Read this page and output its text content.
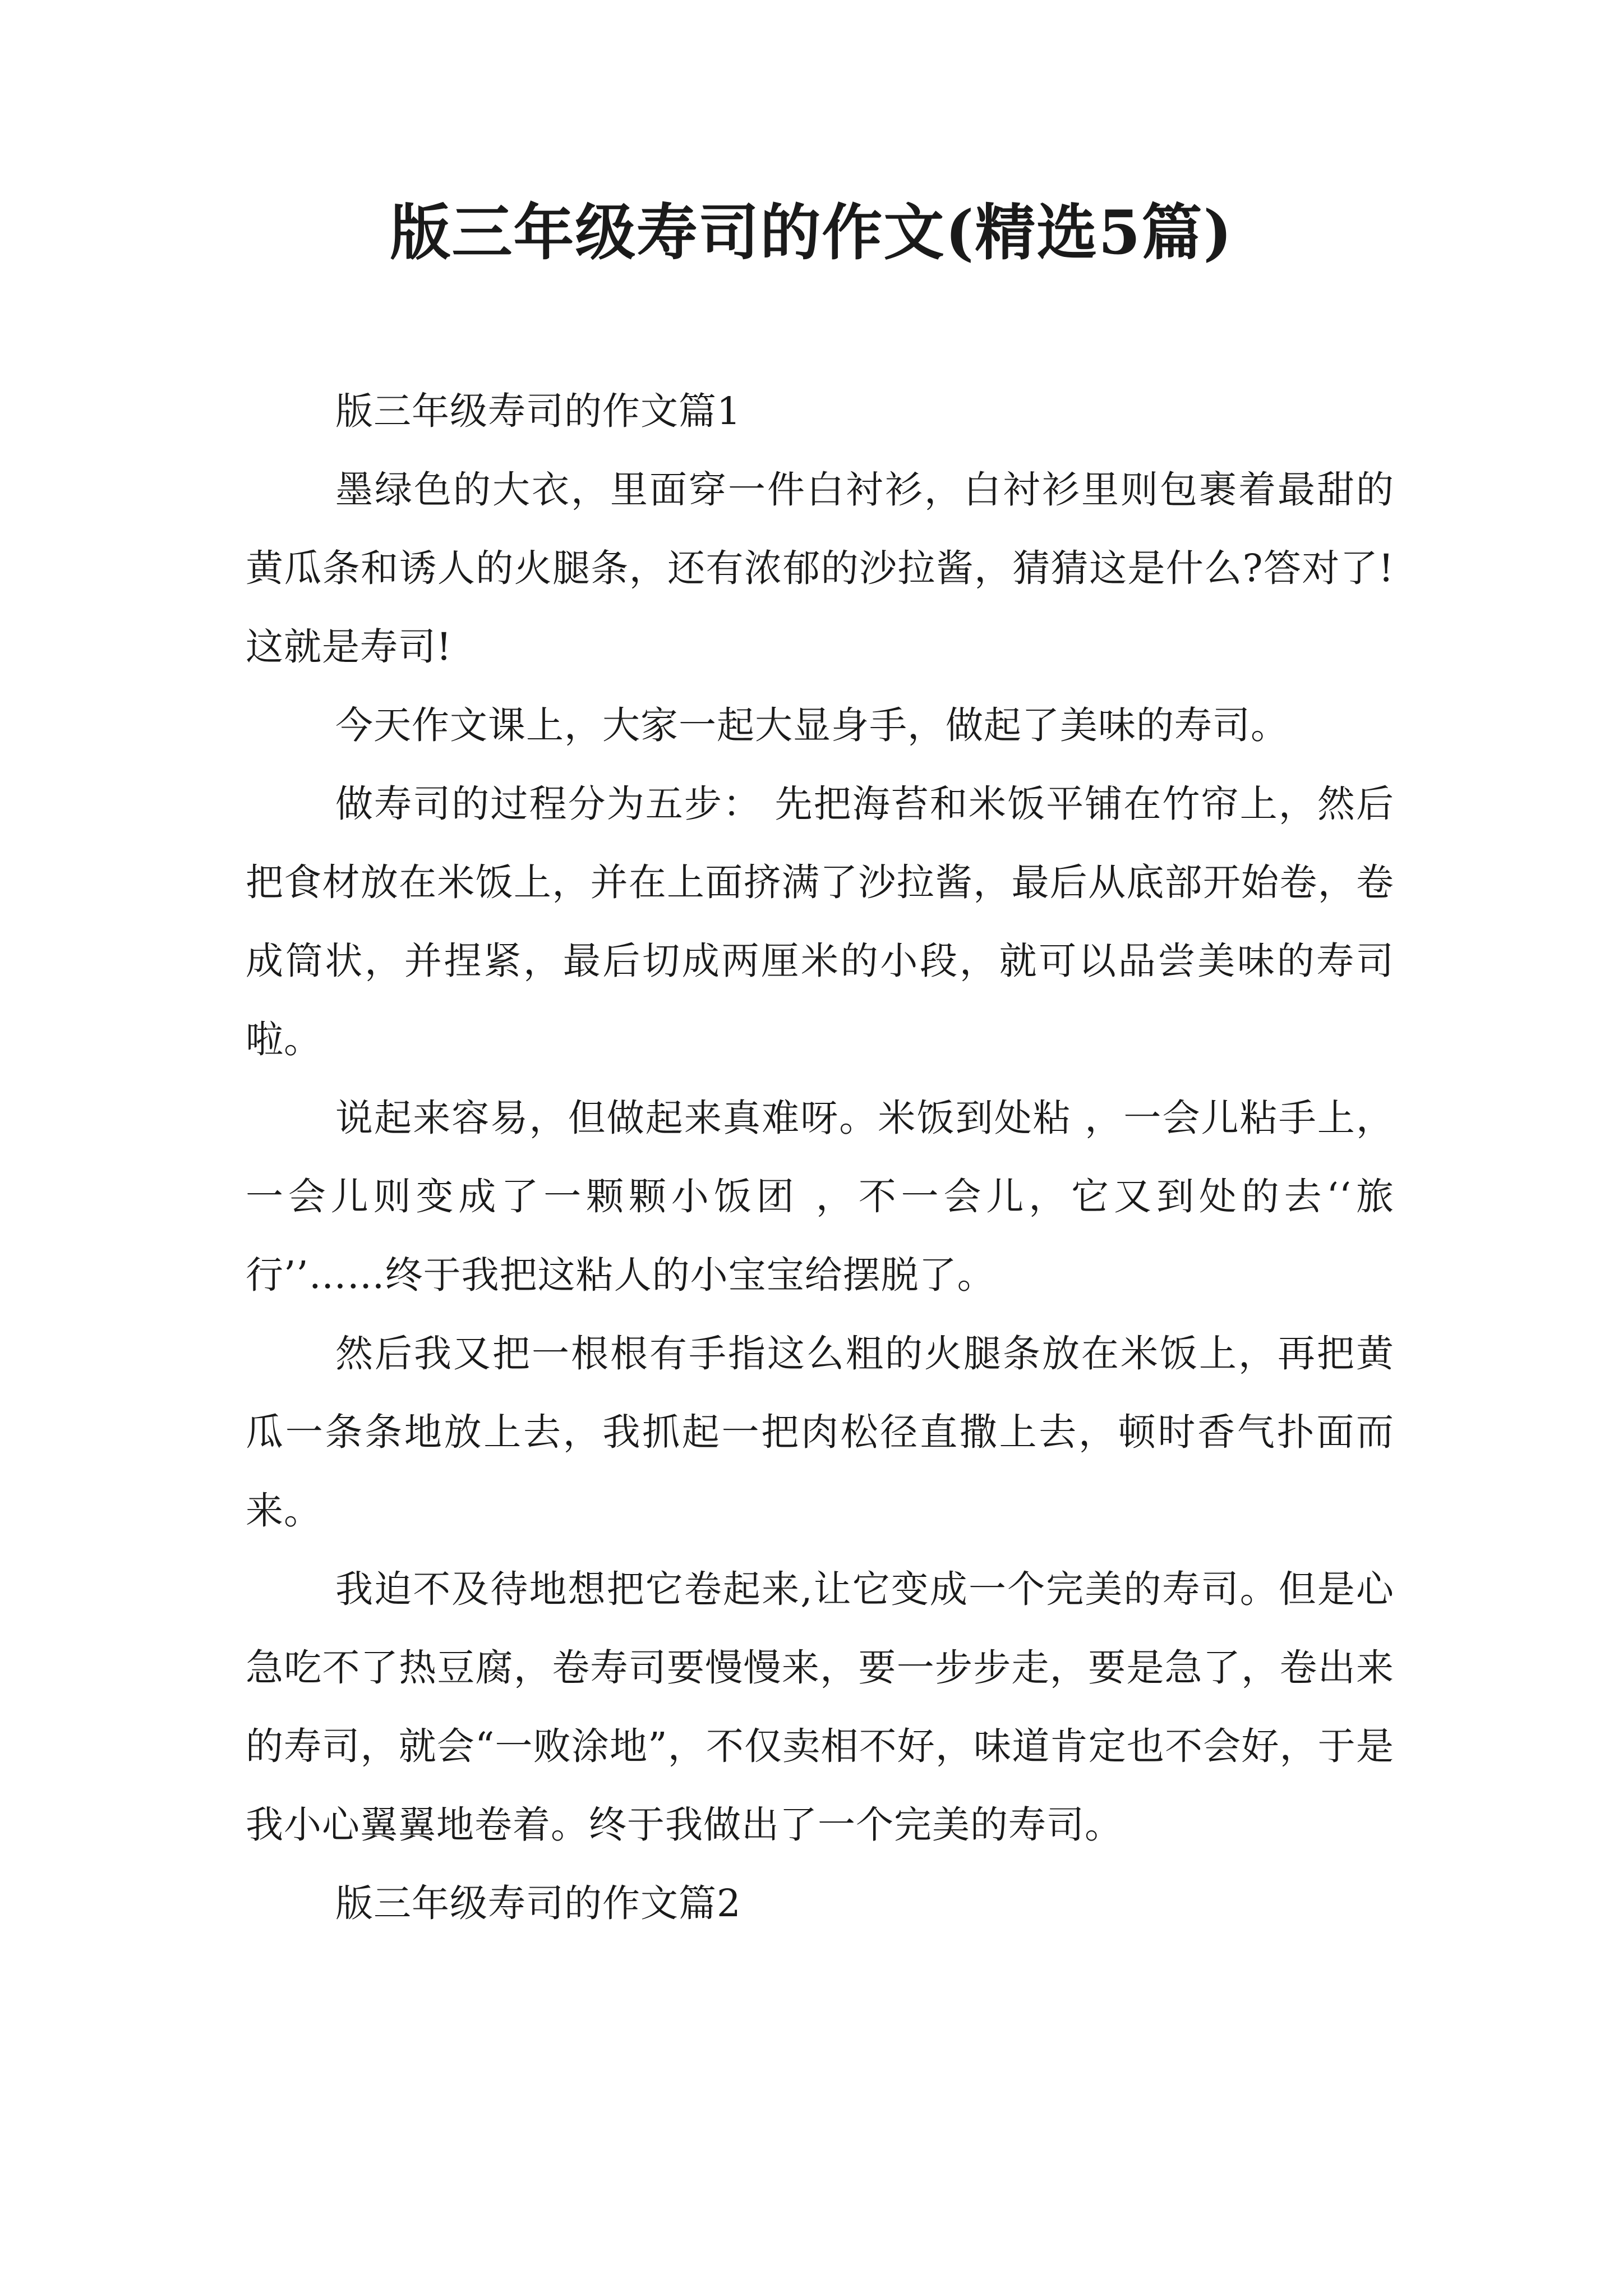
版三年级寿司的作文(精选5篇)

版三年级寿司的作文篇1

墨绿色的大衣，里面穿一件白衬衫，白衬衫里则包裹着最甜的黄瓜条和诱人的火腿条，还有浓郁的沙拉酱，猜猜这是什么?答对了!这就是寿司!

今天作文课上，大家一起大显身手，做起了美味的寿司。

做寿司的过程分为五步： 先把海苔和米饭平铺在竹帘上，然后把食材放在米饭上，并在上面挤满了沙拉酱，最后从底部开始卷，卷成筒状，并捏紧，最后切成两厘米的小段，就可以品尝美味的寿司啦。

说起来容易，但做起来真难呀。米饭到处粘 ，一会儿粘手上，一会儿则变成了一颗颗小饭团 ，不一会儿，它又到处的去‘‘旅行’’……终于我把这粘人的小宝宝给摆脱了。

然后我又把一根根有手指这么粗的火腿条放在米饭上，再把黄瓜一条条地放上去，我抓起一把肉松径直撒上去，顿时香气扑面而来。

我迫不及待地想把它卷起来,让它变成一个完美的寿司。但是心急吃不了热豆腐，卷寿司要慢慢来，要一步步走，要是急了，卷出来的寿司，就会“一败涂地”，不仅卖相不好，味道肯定也不会好，于是我小心翼翼地卷着。终于我做出了一个完美的寿司。

版三年级寿司的作文篇2
